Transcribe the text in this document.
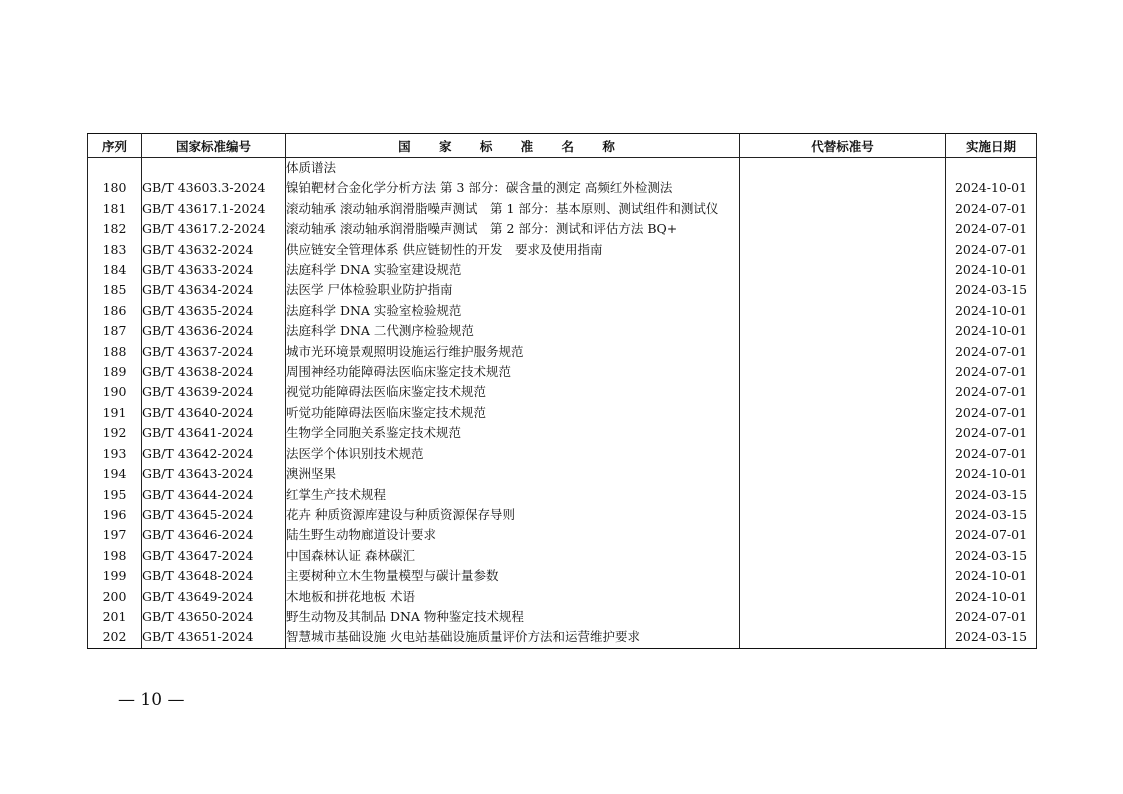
序列	国家标准编号	国 家 标 准 名 称	代替标准号	实施日期
		体质谱法		
180	GB/T 43603.3-2024	镍铂靶材合金化学分析方法 第 3 部分：碳含量的测定 高频红外检测法		2024-10-01
181	GB/T 43617.1-2024	滚动轴承 滚动轴承润滑脂噪声测试　第 1 部分：基本原则、测试组件和测试仪		2024-07-01
182	GB/T 43617.2-2024	滚动轴承 滚动轴承润滑脂噪声测试　第 2 部分：测试和评估方法 BQ+		2024-07-01
183	GB/T 43632-2024	供应链安全管理体系 供应链韧性的开发　要求及使用指南		2024-07-01
184	GB/T 43633-2024	法庭科学 DNA 实验室建设规范		2024-10-01
185	GB/T 43634-2024	法医学 尸体检验职业防护指南		2024-03-15
186	GB/T 43635-2024	法庭科学 DNA 实验室检验规范		2024-10-01
187	GB/T 43636-2024	法庭科学 DNA 二代测序检验规范		2024-10-01
188	GB/T 43637-2024	城市光环境景观照明设施运行维护服务规范		2024-07-01
189	GB/T 43638-2024	周围神经功能障碍法医临床鉴定技术规范		2024-07-01
190	GB/T 43639-2024	视觉功能障碍法医临床鉴定技术规范		2024-07-01
191	GB/T 43640-2024	听觉功能障碍法医临床鉴定技术规范		2024-07-01
192	GB/T 43641-2024	生物学全同胞关系鉴定技术规范		2024-07-01
193	GB/T 43642-2024	法医学个体识别技术规范		2024-07-01
194	GB/T 43643-2024	澳洲坚果		2024-10-01
195	GB/T 43644-2024	红掌生产技术规程		2024-03-15
196	GB/T 43645-2024	花卉 种质资源库建设与种质资源保存导则		2024-03-15
197	GB/T 43646-2024	陆生野生动物廊道设计要求		2024-07-01
198	GB/T 43647-2024	中国森林认证 森林碳汇		2024-03-15
199	GB/T 43648-2024	主要树种立木生物量模型与碳计量参数		2024-10-01
200	GB/T 43649-2024	木地板和拼花地板 术语		2024-10-01
201	GB/T 43650-2024	野生动物及其制品 DNA 物种鉴定技术规程		2024-07-01
202	GB/T 43651-2024	智慧城市基础设施 火电站基础设施质量评价方法和运营维护要求		2024-03-15
— 10 —
